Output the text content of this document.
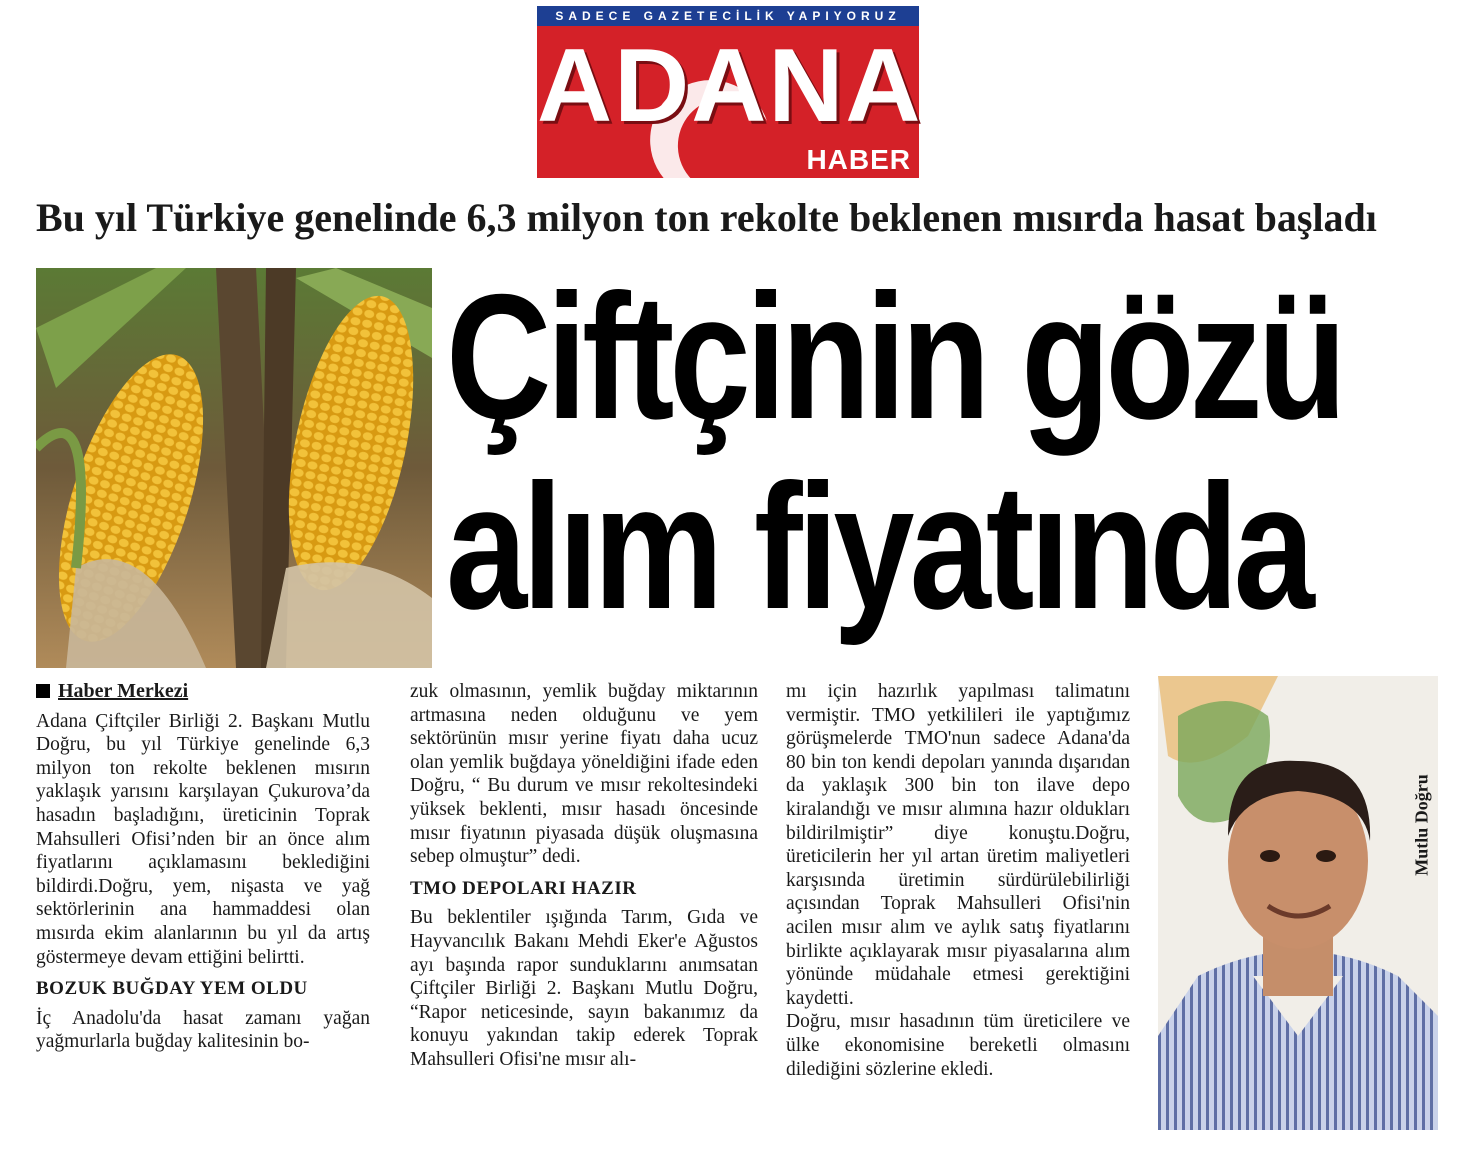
SADECE GAZETECİLİK YAPIYORUZ
ADANA
HABER
Bu yıl Türkiye genelinde 6,3 milyon ton rekolte beklenen mısırda hasat başladı
Çiftçinin gözü
alım fiyatında
Haber Merkezi

Adana Çiftçiler Birliği 2. Başkanı Mutlu Doğru, bu yıl Türkiye genelinde 6,3 milyon ton rekolte beklenen mısırın yaklaşık yarısını karşılayan Çukurova’da hasadın başladığını, üreticinin Toprak Mahsulleri Ofisi’nden bir an önce alım fiyatlarını açıklamasını beklediğini bildirdi.Doğru, yem, nişasta ve yağ sektörlerinin ana hammaddesi olan mısırda ekim alanlarının bu yıl da artış göstermeye devam ettiğini belirtti.

BOZUK BUĞDAY YEM OLDU

İç Anadolu'da hasat zamanı yağan yağmurlarla buğday kalitesinin bo-

zuk olmasının, yemlik buğday miktarının artmasına neden olduğunu ve yem sektörünün mısır yerine fiyatı daha ucuz olan yemlik buğdaya yöneldiğini ifade eden Doğru, “ Bu durum ve mısır rekoltesindeki yüksek beklenti, mısır hasadı öncesinde mısır fiyatının piyasada düşük oluşmasına sebep olmuştur” dedi.

TMO DEPOLARI HAZIR

Bu beklentiler ışığında Tarım, Gıda ve Hayvancılık Bakanı Mehdi Eker'e Ağustos ayı başında rapor sunduklarını anımsatan Çiftçiler Birliği 2. Başkanı Mutlu Doğru, “Rapor neticesinde, sayın bakanımız da konuyu yakından takip ederek Toprak Mahsulleri Ofisi'ne mısır alı-

mı için hazırlık yapılması talimatını vermiştir. TMO yetkilileri ile yaptığımız görüşmelerde TMO'nun sadece Adana'da 80 bin ton kendi depoları yanında dışarıdan da yaklaşık 300 bin ton ilave depo kiralandığı ve mısır alımına hazır oldukları bildirilmiştir” diye konuştu.Doğru, üreticilerin her yıl artan üretim maliyetleri karşısında üretimin sürdürülebilirliği açısından Toprak Mahsulleri Ofisi'nin acilen mısır alım ve aylık satış fiyatlarını birlikte açıklayarak mısır piyasalarına alım yönünde müdahale etmesi gerektiğini kaydetti.

Doğru, mısır hasadının tüm üreticilere ve ülke ekonomisine bereketli olmasını dilediğini sözlerine ekledi.

Mutlu Doğru
